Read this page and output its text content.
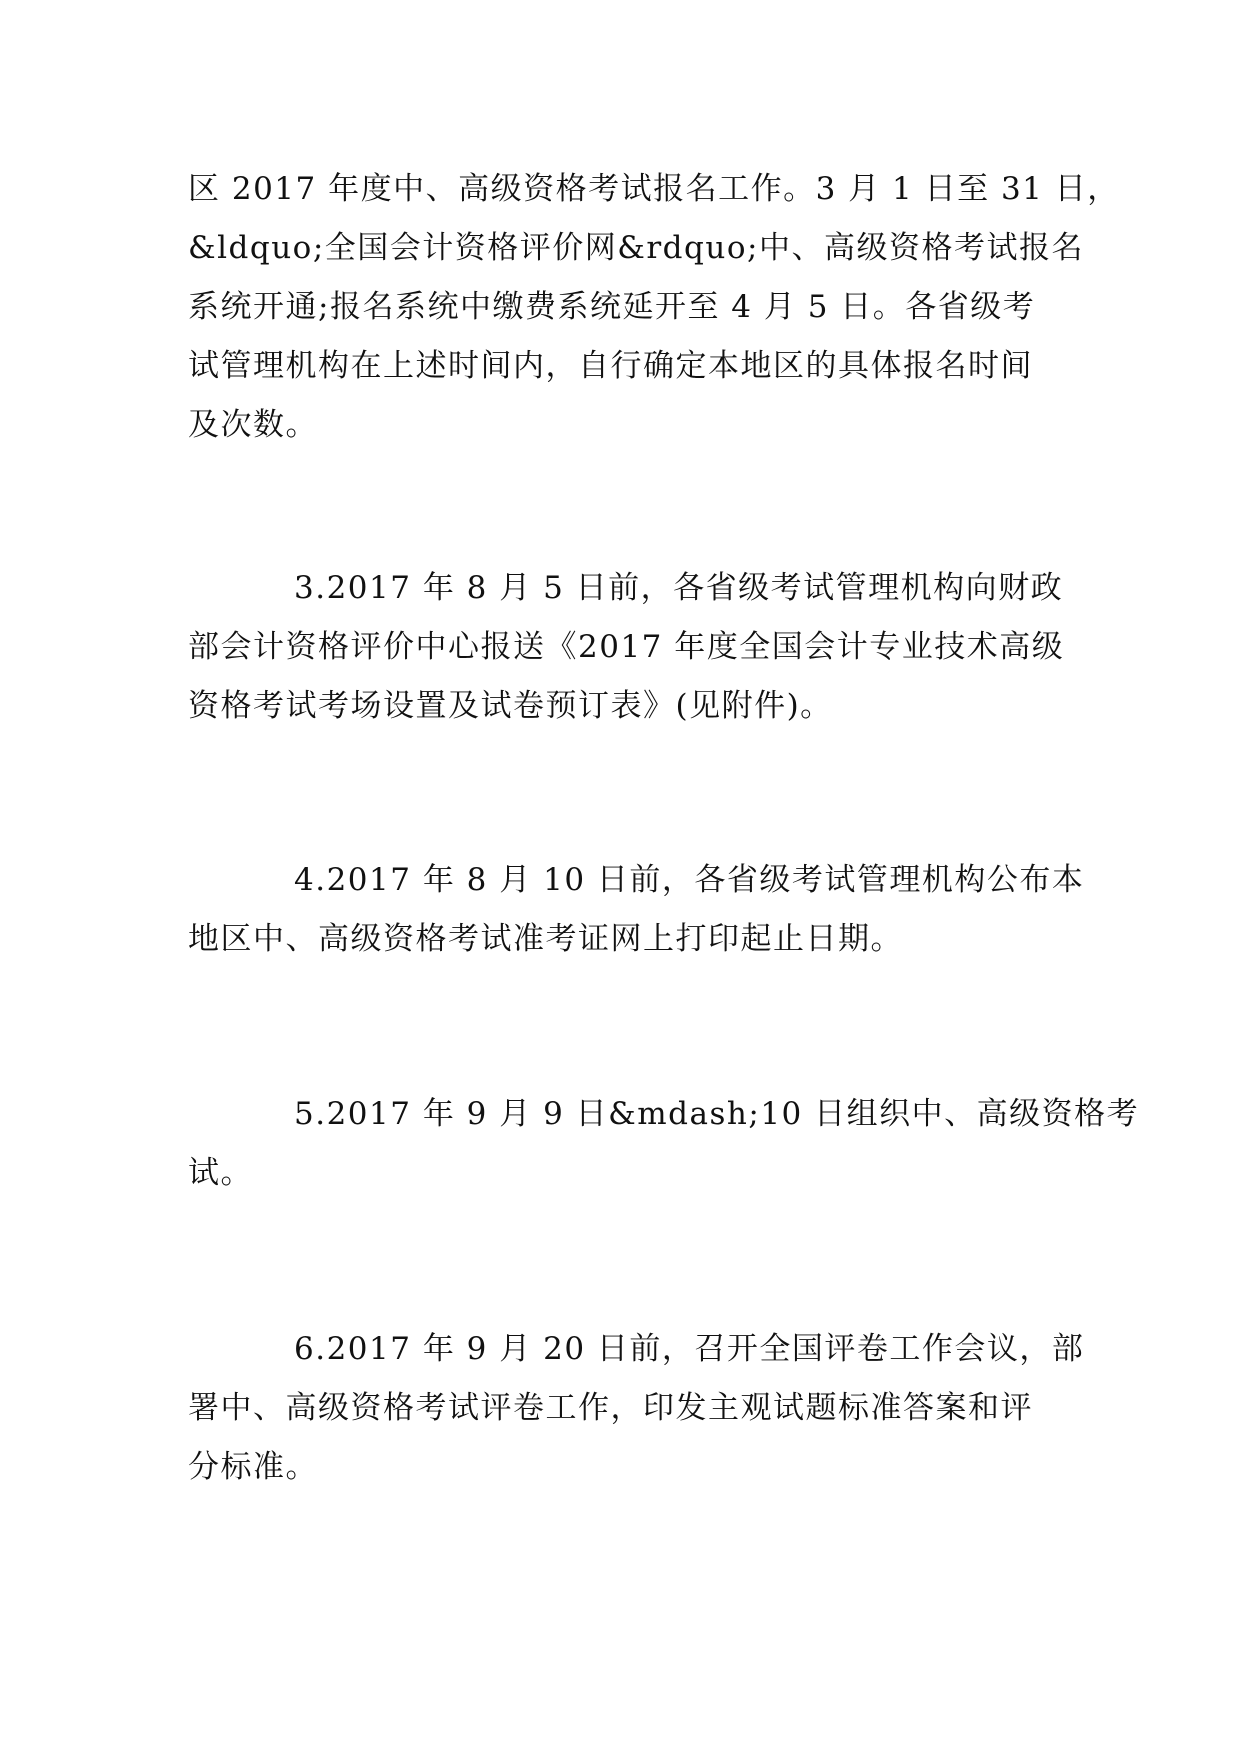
区 2017 年度中、高级资格考试报名工作。3 月 1 日至 31 日，
&ldquo;全国会计资格评价网&rdquo;中、高级资格考试报名
系统开通;报名系统中缴费系统延开至 4 月 5 日。各省级考
试管理机构在上述时间内，自行确定本地区的具体报名时间
及次数。
3.2017 年 8 月 5 日前，各省级考试管理机构向财政
部会计资格评价中心报送《2017 年度全国会计专业技术高级
资格考试考场设置及试卷预订表》(见附件)。
4.2017 年 8 月 10 日前，各省级考试管理机构公布本
地区中、高级资格考试准考证网上打印起止日期。
5.2017 年 9 月 9 日&mdash;10 日组织中、高级资格考
试。
6.2017 年 9 月 20 日前，召开全国评卷工作会议，部
署中、高级资格考试评卷工作，印发主观试题标准答案和评
分标准。
